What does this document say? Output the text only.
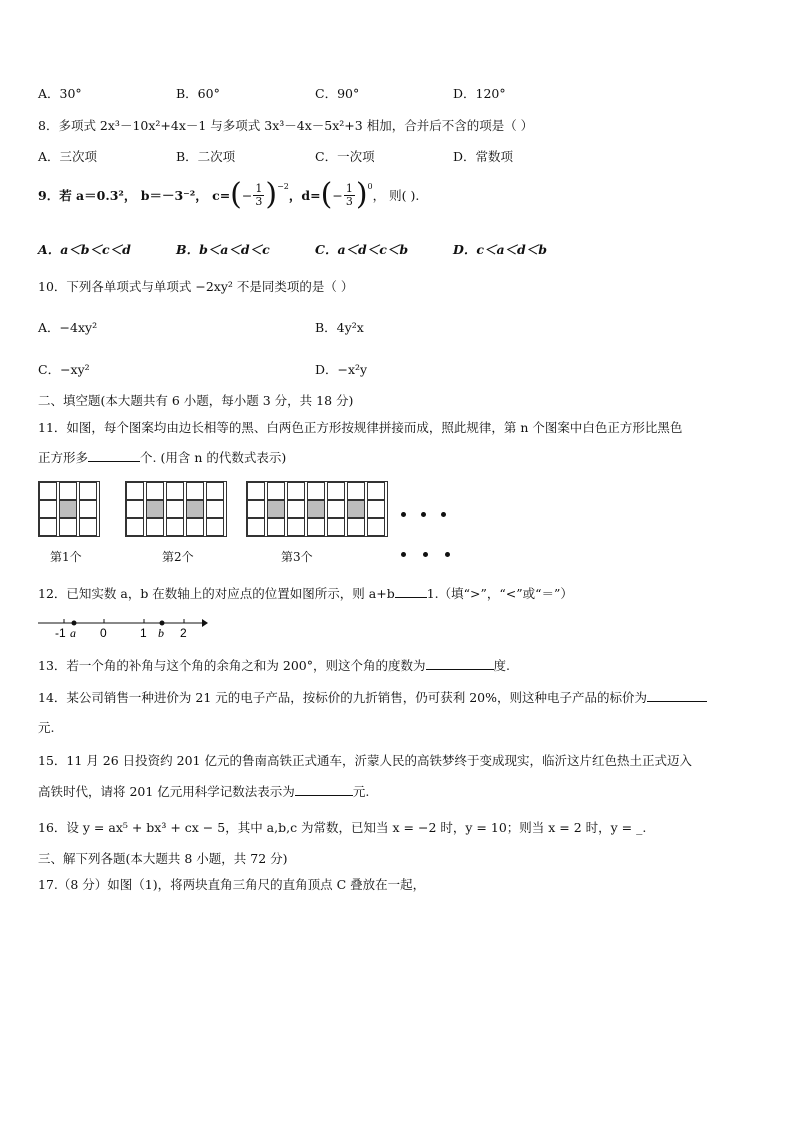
A．30°	B．60°	C．90°	D．120°
8．多项式 2x³－10x²+4x－1 与多项式 3x³－4x－5x²+3 相加，合并后不含的项是（ ）
A．三次项	B．二次项	C．一次项	D．常数项
9．若 a＝0.3²， b＝－3⁻²， c= ( − $\frac{1}{3} )^{-2}$
，d= ( − $\frac{1}{3} )^0$
， 则( ).
A．a＜b＜c＜d	B．b＜a＜d＜c	C．a＜d＜c＜b	D．c＜a＜d＜b
10．下列各单项式与单项式 −2xy² 不是同类项的是（ ）
A．−4xy²	B．4y²x
C．−xy²	D．−x²y
二、填空题(本大题共有 6 小题，每小题 3 分，共 18 分)
11．如图，每个图案均由边长相等的黑、白两色正方形按规律拼接而成，照此规律，第 n 个图案中白色正方形比黑色
正方形多	个. (用含 n 的代数式表示)
第1个	第2个	第3个
12．已知实数 a，b 在数轴上的对应点的位置如图所示，则 a+b	1.（填“>”，“<”或“＝”）
-1 a 0	1 b 2
13．若一个角的补角与这个角的余角之和为 200°，则这个角的度数为	度.
14．某公司销售一种进价为 21 元的电子产品，按标价的九折销售，仍可获利 20%，则这种电子产品的标价为
元.
15．11 月 26 日投资约 201 亿元的鲁南高铁正式通车，沂蒙人民的高铁梦终于变成现实，临沂这片红色热土正式迈入
高铁时代，请将 201 亿元用科学记数法表示为	元.
16．设 y = ax⁵ + bx³ + cx − 5，其中 a,b,c 为常数，已知当 x = −2 时，y = 10；则当 x = 2 时，y = _.
三、解下列各题(本大题共 8 小题，共 72 分)
17.（8 分）如图（1)，将两块直角三角尺的直角顶点 C 叠放在一起，
